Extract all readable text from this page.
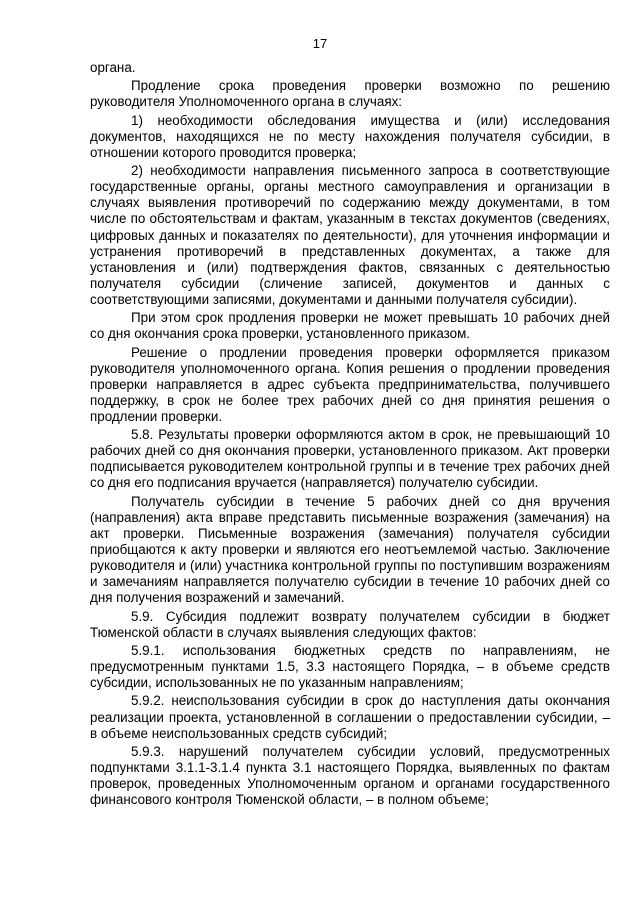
17

органа.

Продление срока проведения проверки возможно по решению руководителя Уполномоченного органа в случаях:

1) необходимости обследования имущества и (или) исследования документов, находящихся не по месту нахождения получателя субсидии, в отношении которого проводится проверка;

2) необходимости направления письменного запроса в соответствующие государственные органы, органы местного самоуправления и организации в случаях выявления противоречий по содержанию между документами, в том числе по обстоятельствам и фактам, указанным в текстах документов (сведениях, цифровых данных и показателях по деятельности), для уточнения информации и устранения противоречий в представленных документах, а также для установления и (или) подтверждения фактов, связанных с деятельностью получателя субсидии (сличение записей, документов и данных с соответствующими записями, документами и данными получателя субсидии).

При этом срок продления проверки не может превышать 10 рабочих дней со дня окончания срока проверки, установленного приказом.

Решение о продлении проведения проверки оформляется приказом руководителя уполномоченного органа. Копия решения о продлении проведения проверки направляется в адрес субъекта предпринимательства, получившего поддержку, в срок не более трех рабочих дней со дня принятия решения о продлении проверки.

5.8. Результаты проверки оформляются актом в срок, не превышающий 10 рабочих дней со дня окончания проверки, установленного приказом. Акт проверки подписывается руководителем контрольной группы и в течение трех рабочих дней со дня его подписания вручается (направляется) получателю субсидии.

Получатель субсидии в течение 5 рабочих дней со дня вручения (направления) акта вправе представить письменные возражения (замечания) на акт проверки. Письменные возражения (замечания) получателя субсидии приобщаются к акту проверки и являются его неотъемлемой частью. Заключение руководителя и (или) участника контрольной группы по поступившим возражениям и замечаниям направляется получателю субсидии в течение 10 рабочих дней со дня получения возражений и замечаний.

5.9. Субсидия подлежит возврату получателем субсидии в бюджет Тюменской области в случаях выявления следующих фактов:

5.9.1. использования бюджетных средств по направлениям, не предусмотренным пунктами 1.5, 3.3 настоящего Порядка, – в объеме средств субсидии, использованных не по указанным направлениям;

5.9.2. неиспользования субсидии в срок до наступления даты окончания реализации проекта, установленной в соглашении о предоставлении субсидии, – в объеме неиспользованных средств субсидий;

5.9.3. нарушений получателем субсидии условий, предусмотренных подпунктами 3.1.1-3.1.4 пункта 3.1 настоящего Порядка, выявленных по фактам проверок, проведенных Уполномоченным органом и органами государственного финансового контроля Тюменской области, – в полном объеме;
